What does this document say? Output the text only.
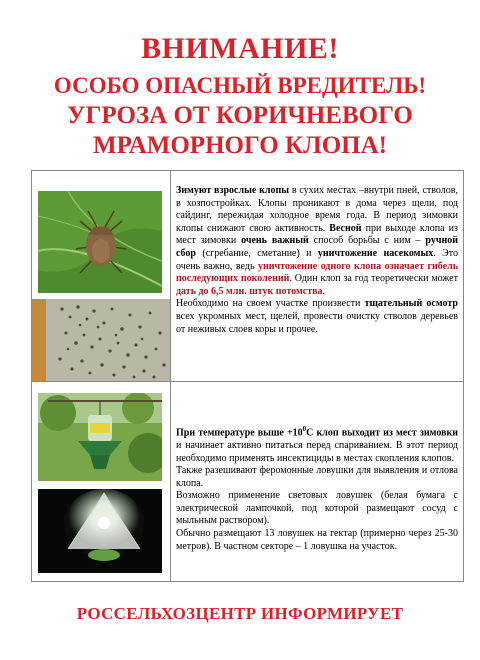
ВНИМАНИЕ!
ОСОБО ОПАСНЫЙ ВРЕДИТЕЛЬ!
УГРОЗА ОТ КОРИЧНЕВОГО
МРАМОРНОГО КЛОПА!

Зимуют взрослые клопы в сухих местах –внутри пней, стволов, в хозпостройках. Клопы проникают в дома через щели, под сайдинг, пережидая холодное время года. В период зимовки клопы снижают свою активность. Весной при выходе клопа из мест зимовки очень важный способ борьбы с ним – ручной сбор (сгребание, сметание) и уничтожение насекомых. Это очень важно, ведь уничтожение одного клопа означает гибель последующих поколений. Один клоп за год теоретически может дать до 6,5 млн. штук потомства.

Необходимо на своем участке произвести тщательный осмотр всех укромных мест, щелей, провести очистку стволов деревьев от неживых слоев коры и прочее.

При температуре выше $+10^0С$ клоп выходит из мест зимовки и начинает активно питаться перед спариванием. В этот период необходимо применять инсектициды в местах скопления клопов.

Также разешивают феромонные ловушки для выявления и отлова клопа.

Возможно применение световых ловушек (белая бумага с электрической лампочкой, под которой размещают сосуд с мыльным раствором).

Обычно размещают 13 ловушек на гектар (примерно через 25-30 метров). В частном секторе – 1 ловушка на участок.

РОССЕЛЬХОЗЦЕНТР ИНФОРМИРУЕТ
